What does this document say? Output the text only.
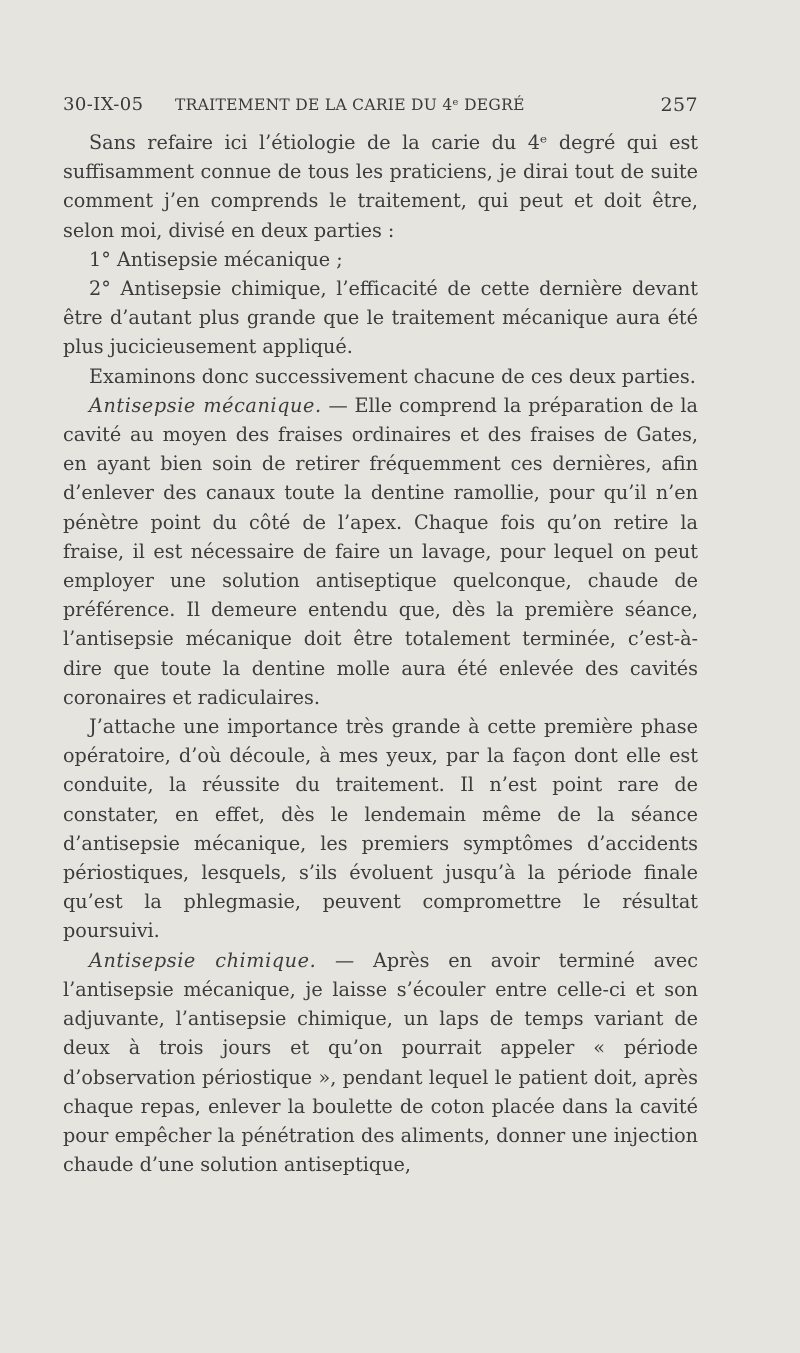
30-IX-05 TRAITEMENT DE LA CARIE DU 4ᵉ DEGRÉ	257

Sans refaire ici l’étiologie de la carie du 4ᵉ degré qui est suffisamment connue de tous les praticiens, je dirai tout de suite comment j’en comprends le traitement, qui peut et doit être, selon moi, divisé en deux parties :

1° Antisepsie mécanique ;

2° Antisepsie chimique, l’efficacité de cette dernière devant être d’autant plus grande que le traitement mécanique aura été plus jucicieusement appliqué.

Examinons donc successivement chacune de ces deux parties.

Antisepsie mécanique. — Elle comprend la préparation de la cavité au moyen des fraises ordinaires et des fraises de Gates, en ayant bien soin de retirer fréquemment ces dernières, afin d’enlever des canaux toute la dentine ramollie, pour qu’il n’en pénètre point du côté de l’apex. Chaque fois qu’on retire la fraise, il est nécessaire de faire un lavage, pour lequel on peut employer une solution antiseptique quelconque, chaude de préférence. Il demeure entendu que, dès la première séance, l’antisepsie mécanique doit être totalement terminée, c’est-à-dire que toute la dentine molle aura été enlevée des cavités coronaires et radiculaires.

J’attache une importance très grande à cette première phase opératoire, d’où découle, à mes yeux, par la façon dont elle est conduite, la réussite du traitement. Il n’est point rare de constater, en effet, dès le lendemain même de la séance d’antisepsie mécanique, les premiers symptômes d’accidents périostiques, lesquels, s’ils évoluent jusqu’à la période finale qu’est la phlegmasie, peuvent compromettre le résultat poursuivi.

Antisepsie chimique. — Après en avoir terminé avec l’antisepsie mécanique, je laisse s’écouler entre celle-ci et son adjuvante, l’antisepsie chimique, un laps de temps variant de deux à trois jours et qu’on pourrait appeler « période d’observation périostique », pendant lequel le patient doit, après chaque repas, enlever la boulette de coton placée dans la cavité pour empêcher la pénétration des aliments, donner une injection chaude d’une solution antiseptique,
